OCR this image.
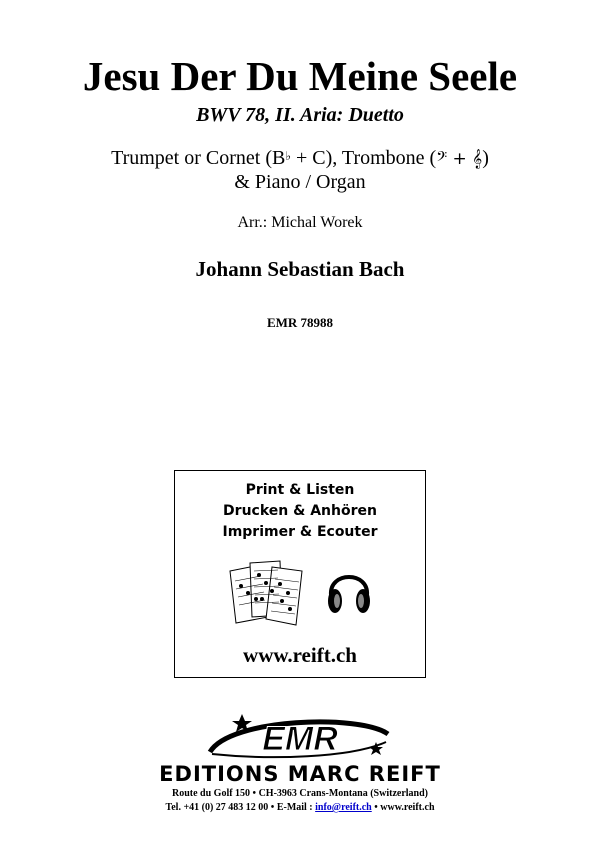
Jesu Der Du Meine Seele
BWV 78, II. Aria: Duetto
Trumpet or Cornet (B♭ + C), Trombone (𝄢 + 𝄞)
& Piano / Organ
Arr.: Michal Worek
Johann Sebastian Bach
EMR 78988
Print & Listen
Drucken & Anhören
Imprimer & Ecouter
www.reift.ch
EMR
EDITIONS MARC REIFT
Route du Golf 150 • CH-3963 Crans-Montana (Switzerland)
Tel. +41 (0) 27 483 12 00 • E-Mail : info@reift.ch • www.reift.ch
